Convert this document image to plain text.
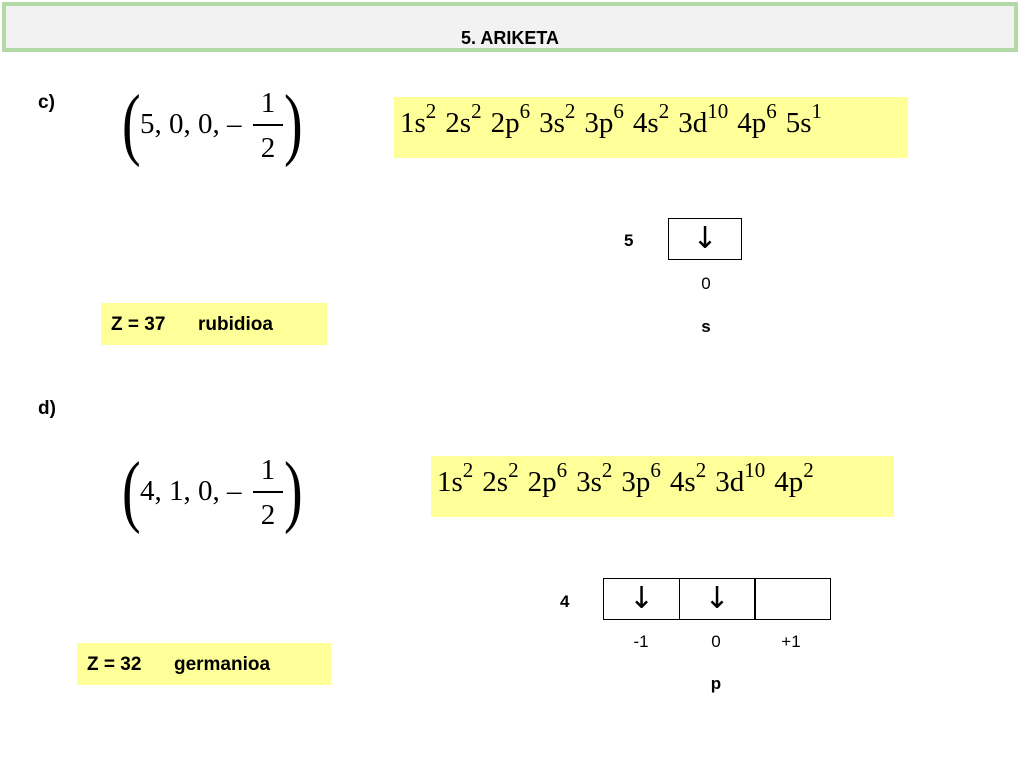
5. ARIKETA
c) ( 5, 0, 0, – )
1
2
$1s^2$ $2s^2$ $2p^6$ $3s^2$ $3p^6$ $4s^2$ $3d^{10}$ $4p^6$ $5s^1$
5	↓
0
s
Z = 37 rubidioa
d)
( 4, 1, 0, –
1
2 )	$1s^2$ $2s^2$ $2p^6$ $3s^2$ $3p^6$ $4s^2$ $3d^{10}$ $4p^2$
4	↓	↓
-1	0	+1
p
Z = 32 germanioa
